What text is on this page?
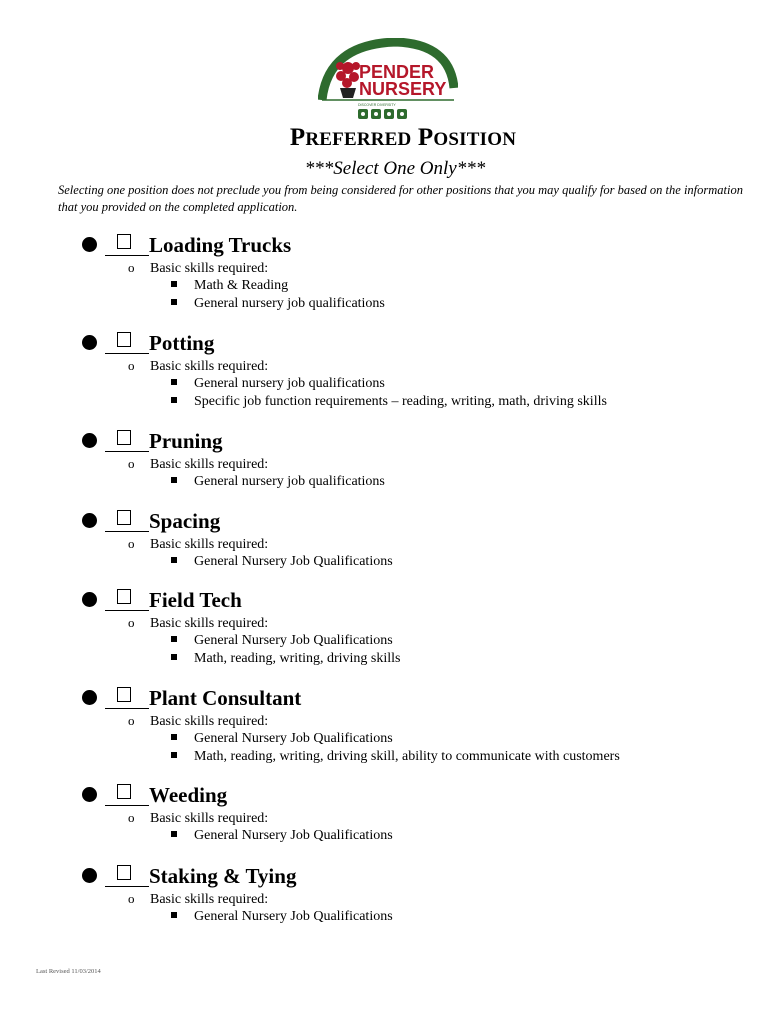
PENDER
NURSERY
DISCOVER DIVERSITY
PREFERRED POSITION
***Select One Only***
Selecting one position does not preclude you from being considered for other positions that you may qualify for based on the information that you provided on the completed application.
Loading Trucks
o Basic skills required:
Math & Reading
General nursery job qualifications
Potting
o Basic skills required:
General nursery job qualifications
Specific job function requirements – reading, writing, math, driving skills
Pruning
o Basic skills required:
General nursery job qualifications
Spacing
o Basic skills required:
General Nursery Job Qualifications
Field Tech
o Basic skills required:
General Nursery Job Qualifications
Math, reading, writing, driving skills
Plant Consultant
o Basic skills required:
General Nursery Job Qualifications
Math, reading, writing, driving skill, ability to communicate with customers
Weeding
o Basic skills required:
General Nursery Job Qualifications
Staking & Tying
o Basic skills required:
General Nursery Job Qualifications
Last Revised 11/03/2014
